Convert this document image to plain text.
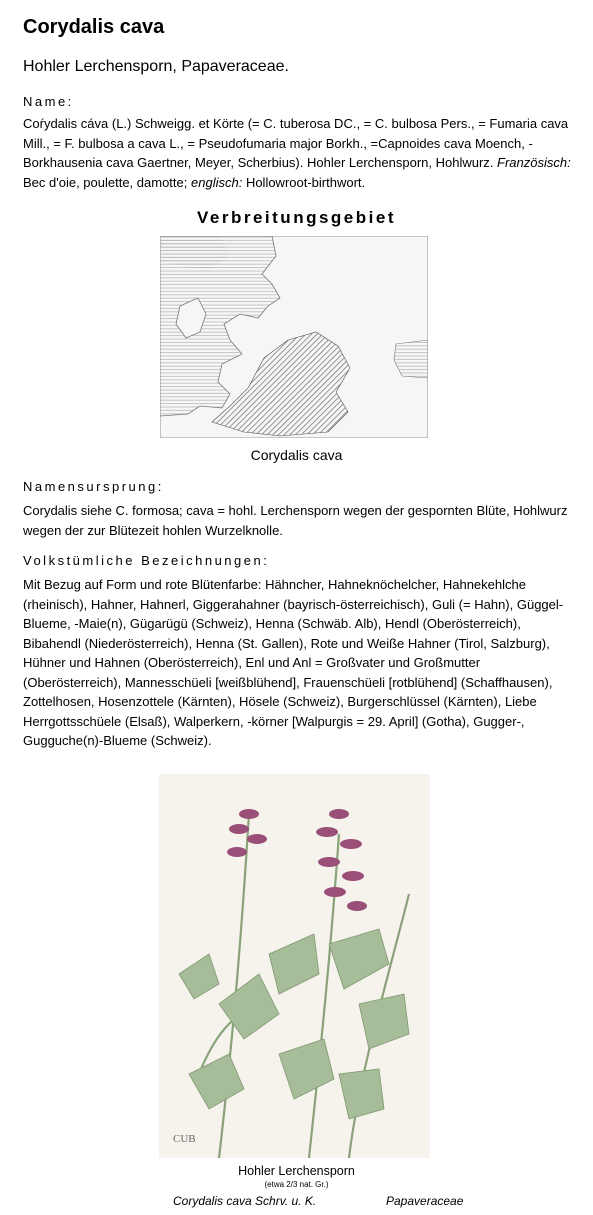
Corydalis cava

Hohler Lerchensporn, Papaveraceae.

Name:

Coŕydalis cáva (L.) Schweigg. et Körte (= C. tuberosa DC., = C. bulbosa Pers., = Fumaria cava Mill., = F. bulbosa a cava L., = Pseudofumaria major Borkh., =Capnoides cava Moench, - Borkhausenia cava Gaertner, Meyer, Scherbius). Hohler Lerchensporn, Hohlwurz. Französisch: Bec d'oie, poulette, damotte; englisch: Hollowroot-birthwort.

Verbreitungsgebiet
Corydalis cava

Namensursprung:

Corydalis siehe C. formosa; cava = hohl. Lerchensporn wegen der gespornten Blüte, Hohlwurz wegen der zur Blütezeit hohlen Wurzelknolle.

Volkstümliche Bezeichnungen:

Mit Bezug auf Form und rote Blütenfarbe: Hähncher, Hahneknöchelcher, Hahnekehlche (rheinisch), Hahner, Hahnerl, Giggerahahner (bayrisch-österreichisch), Guli (= Hahn), Güggel-Blueme, -Maie(n), Gügarügü (Schweiz), Henna (Schwäb. Alb), Hendl (Oberösterreich), Bibahendl (Niederösterreich), Henna (St. Gallen), Rote und Weiße Hahner (Tirol, Salzburg), Hühner und Hahnen (Oberösterreich), Enl und Anl = Großvater und Großmutter (Oberösterreich), Mannesschüeli [weißblühend], Frauenschüeli [rotblühend] (Schaffhausen), Zottelhosen, Hosenzottele (Kärnten), Hösele (Schweiz), Burgerschlüssel (Kärnten), Liebe Herrgottsschüele (Elsaß), Walperkern, -körner [Walpurgis = 29. April] (Gotha), Gugger-, Gugguche(n)-Blueme (Schweiz).

CUB
Hohler Lerchensporn
(etwa 2/3 nat. Gr.)
Corydalis cava Schrv. u. K.	Papaveraceae
